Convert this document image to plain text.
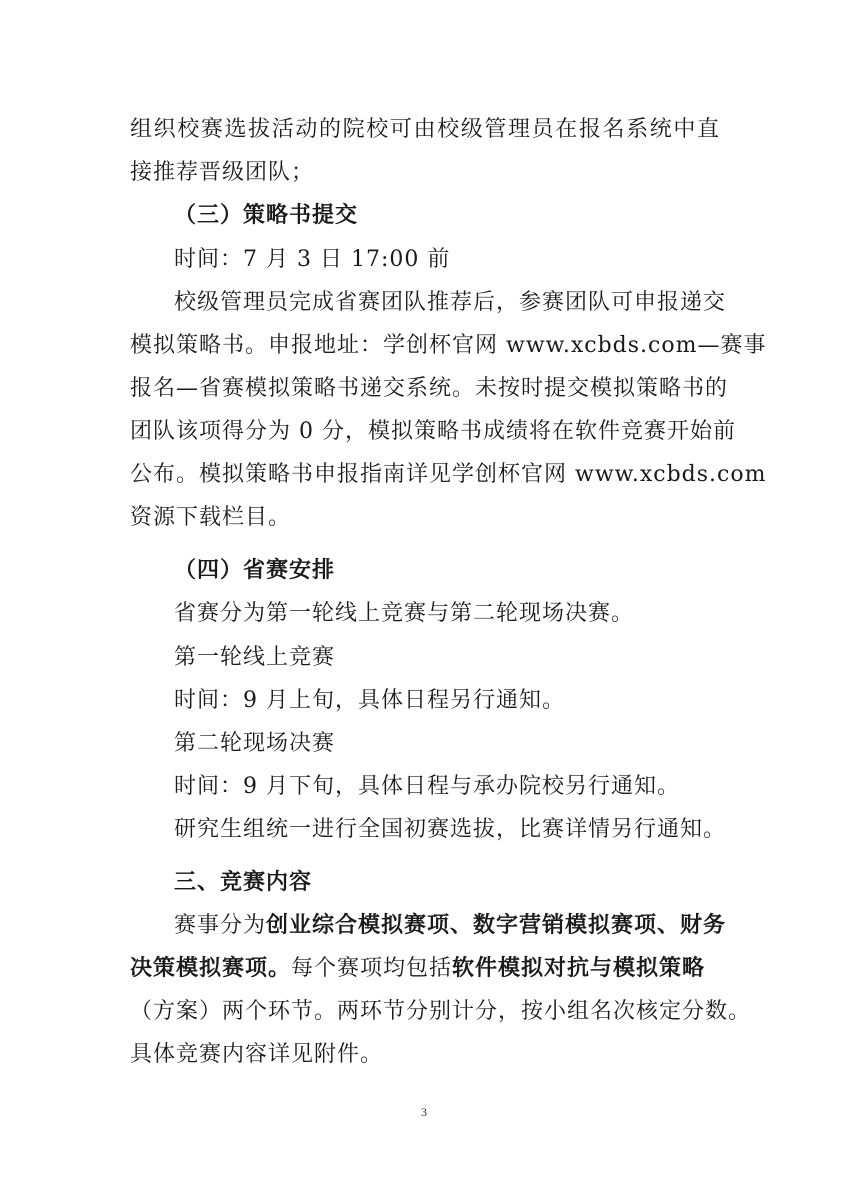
组织校赛选拔活动的院校可由校级管理员在报名系统中直
接推荐晋级团队；
（三）策略书提交
时间：7 月 3 日 17:00 前
校级管理员完成省赛团队推荐后，参赛团队可申报递交
模拟策略书。申报地址：学创杯官网 www.xcbds.com—赛事
报名—省赛模拟策略书递交系统。未按时提交模拟策略书的
团队该项得分为 0 分，模拟策略书成绩将在软件竞赛开始前
公布。模拟策略书申报指南详见学创杯官网 www.xcbds.com
资源下载栏目。
（四）省赛安排
省赛分为第一轮线上竞赛与第二轮现场决赛。
第一轮线上竞赛
时间：9 月上旬，具体日程另行通知。
第二轮现场决赛
时间：9 月下旬，具体日程与承办院校另行通知。
研究生组统一进行全国初赛选拔，比赛详情另行通知。
三、竞赛内容
赛事分为创业综合模拟赛项、数字营销模拟赛项、财务
决策模拟赛项。每个赛项均包括软件模拟对抗与模拟策略
（方案）两个环节。两环节分别计分，按小组名次核定分数。
具体竞赛内容详见附件。
3
